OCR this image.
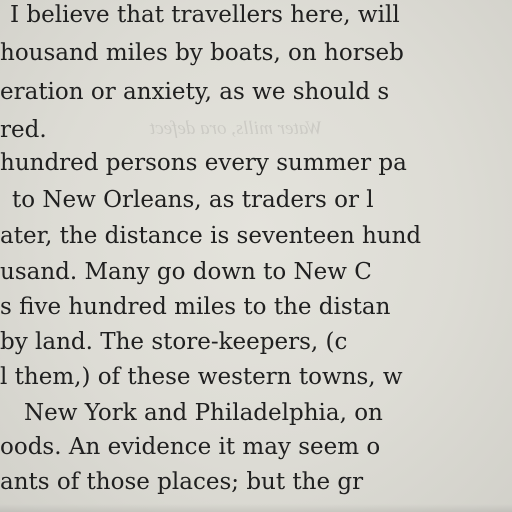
Water mills, ora defect
I believe that travellers here, will
housand miles by boats, on horseb
eration or anxiety, as we should s
red.
hundred persons every summer pa
to New Orleans, as traders or l
ater, the distance is seventeen hund
usand. Many go down to New C
s five hundred miles to the distan
by land. The store-keepers, (c
l them,) of these western towns, w
New York and Philadelphia, on
oods. An evidence it may seem o
ants of those places; but the gr
